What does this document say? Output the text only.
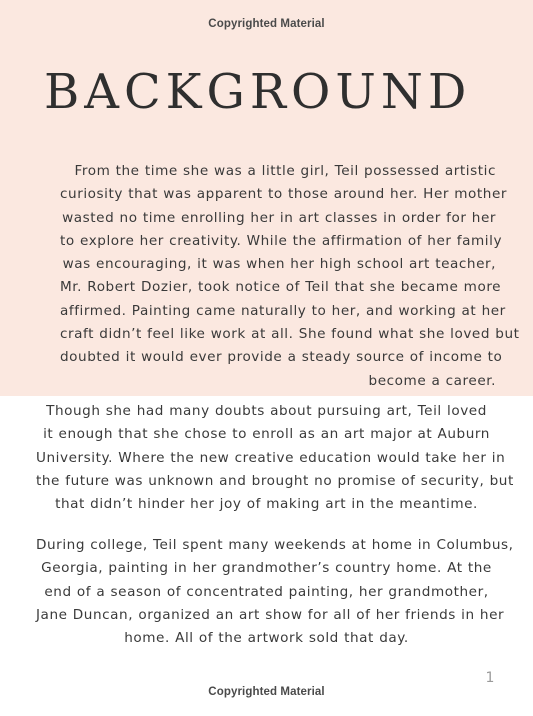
Copyrighted Material
BACKGROUND

From the time she was a little girl, Teil possessed artistic
curiosity that was apparent to those around her. Her mother
wasted no time enrolling her in art classes in order for her
to explore her creativity. While the affirmation of her family
was encouraging, it was when her high school art teacher,
Mr. Robert Dozier, took notice of Teil that she became more
affirmed. Painting came naturally to her, and working at her
craft didn’t feel like work at all. She found what she loved but
doubted it would ever provide a steady source of income to
become a career.

Though she had many doubts about pursuing art, Teil loved
it enough that she chose to enroll as an art major at Auburn
University. Where the new creative education would take her in
the future was unknown and brought no promise of security, but
that didn’t hinder her joy of making art in the meantime.

During college, Teil spent many weekends at home in Columbus,
Georgia, painting in her grandmother’s country home. At the
end of a season of concentrated painting, her grandmother,
Jane Duncan, organized an art show for all of her friends in her
home. All of the artwork sold that day.

1
Copyrighted Material
